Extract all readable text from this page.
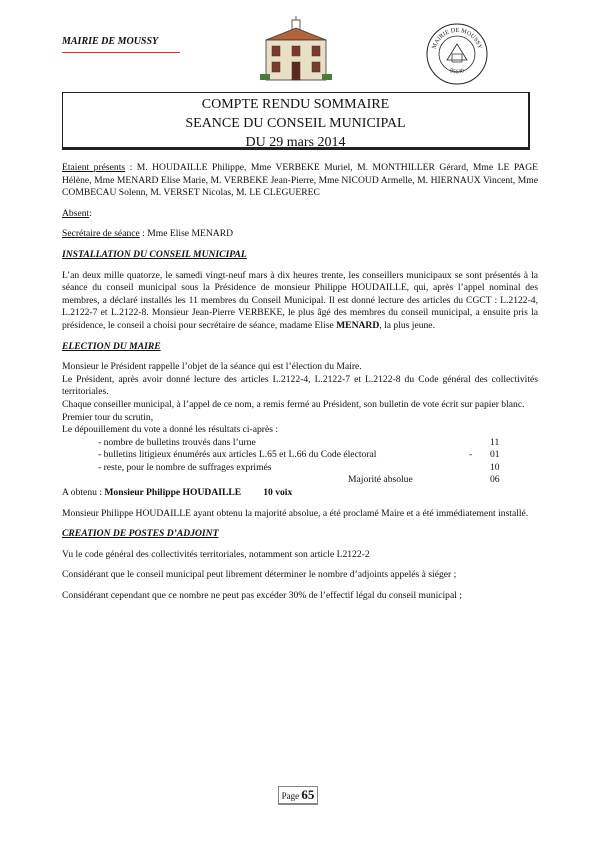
MAIRIE DE MOUSSY	MAIRIE DE MOUSSY
95640
COMPTE RENDU SOMMAIRE
SEANCE DU CONSEIL MUNICIPAL
DU 29 mars 2014

Etaient présents : M. HOUDAILLE Philippe, Mme VERBEKE Muriel, M. MONTHILLER Gérard, Mme LE PAGE Hélène, Mme MENARD Elise Marie, M. VERBEKE Jean-Pierre, Mme NICOUD Armelle, M. HIERNAUX Vincent, Mme COMBECAU Solenn, M. VERSET Nicolas, M. LE CLEGUEREC

Absent:

Secrétaire de séance : Mme Elise MENARD

INSTALLATION DU CONSEIL MUNICIPAL

L’an deux mille quatorze, le samedi vingt-neuf mars à dix heures trente, les conseillers municipaux se sont présentés à la séance du conseil municipal sous la Présidence de monsieur Philippe HOUDAILLE, qui, après l’appel nominal des membres, a déclaré installés les 11 membres du Conseil Municipal. Il est donné lecture des articles du CGCT : L.2122-4, L.2122-7 et L.2122-8. Monsieur Jean-Pierre VERBEKE, le plus âgé des membres du conseil municipal, a ensuite pris la présidence, le conseil a choisi pour secrétaire de séance, madame Elise MENARD, la plus jeune.

ELECTION DU MAIRE

Monsieur le Président rappelle l’objet de la séance qui est l’élection du Maire.

Le Président, après avoir donné lecture des articles L.2122-4, L.2122-7 et L.2122-8 du Code général des collectivités territoriales.

Chaque conseiller municipal, à l’appel de ce nom, a remis fermé au Président, son bulletin de vote écrit sur papier blanc.

Premier tour du scrutin,

Le dépouillement du vote a donné les résultats ci-après :

- nombre de bulletins trouvés dans l’urne	11
- bulletins litigieux énumérés aux articles L.65 et L.66 du Code électoral	- 01
- reste, pour le nombre de suffrages exprimés	10
Majorité absolue	06

A obtenu : Monsieur Philippe HOUDAILLE 10 voix

Monsieur Philippe HOUDAILLE ayant obtenu la majorité absolue, a été proclamé Maire et a été immédiatement installé.

CREATION DE POSTES D’ADJOINT

Vu le code général des collectivités territoriales, notamment son article L2122-2

Considérant que le conseil municipal peut librement déterminer le nombre d’adjoints appelés à siéger ;

Considérant cependant que ce nombre ne peut pas excéder 30% de l’effectif légal du conseil municipal ;

Page 65
